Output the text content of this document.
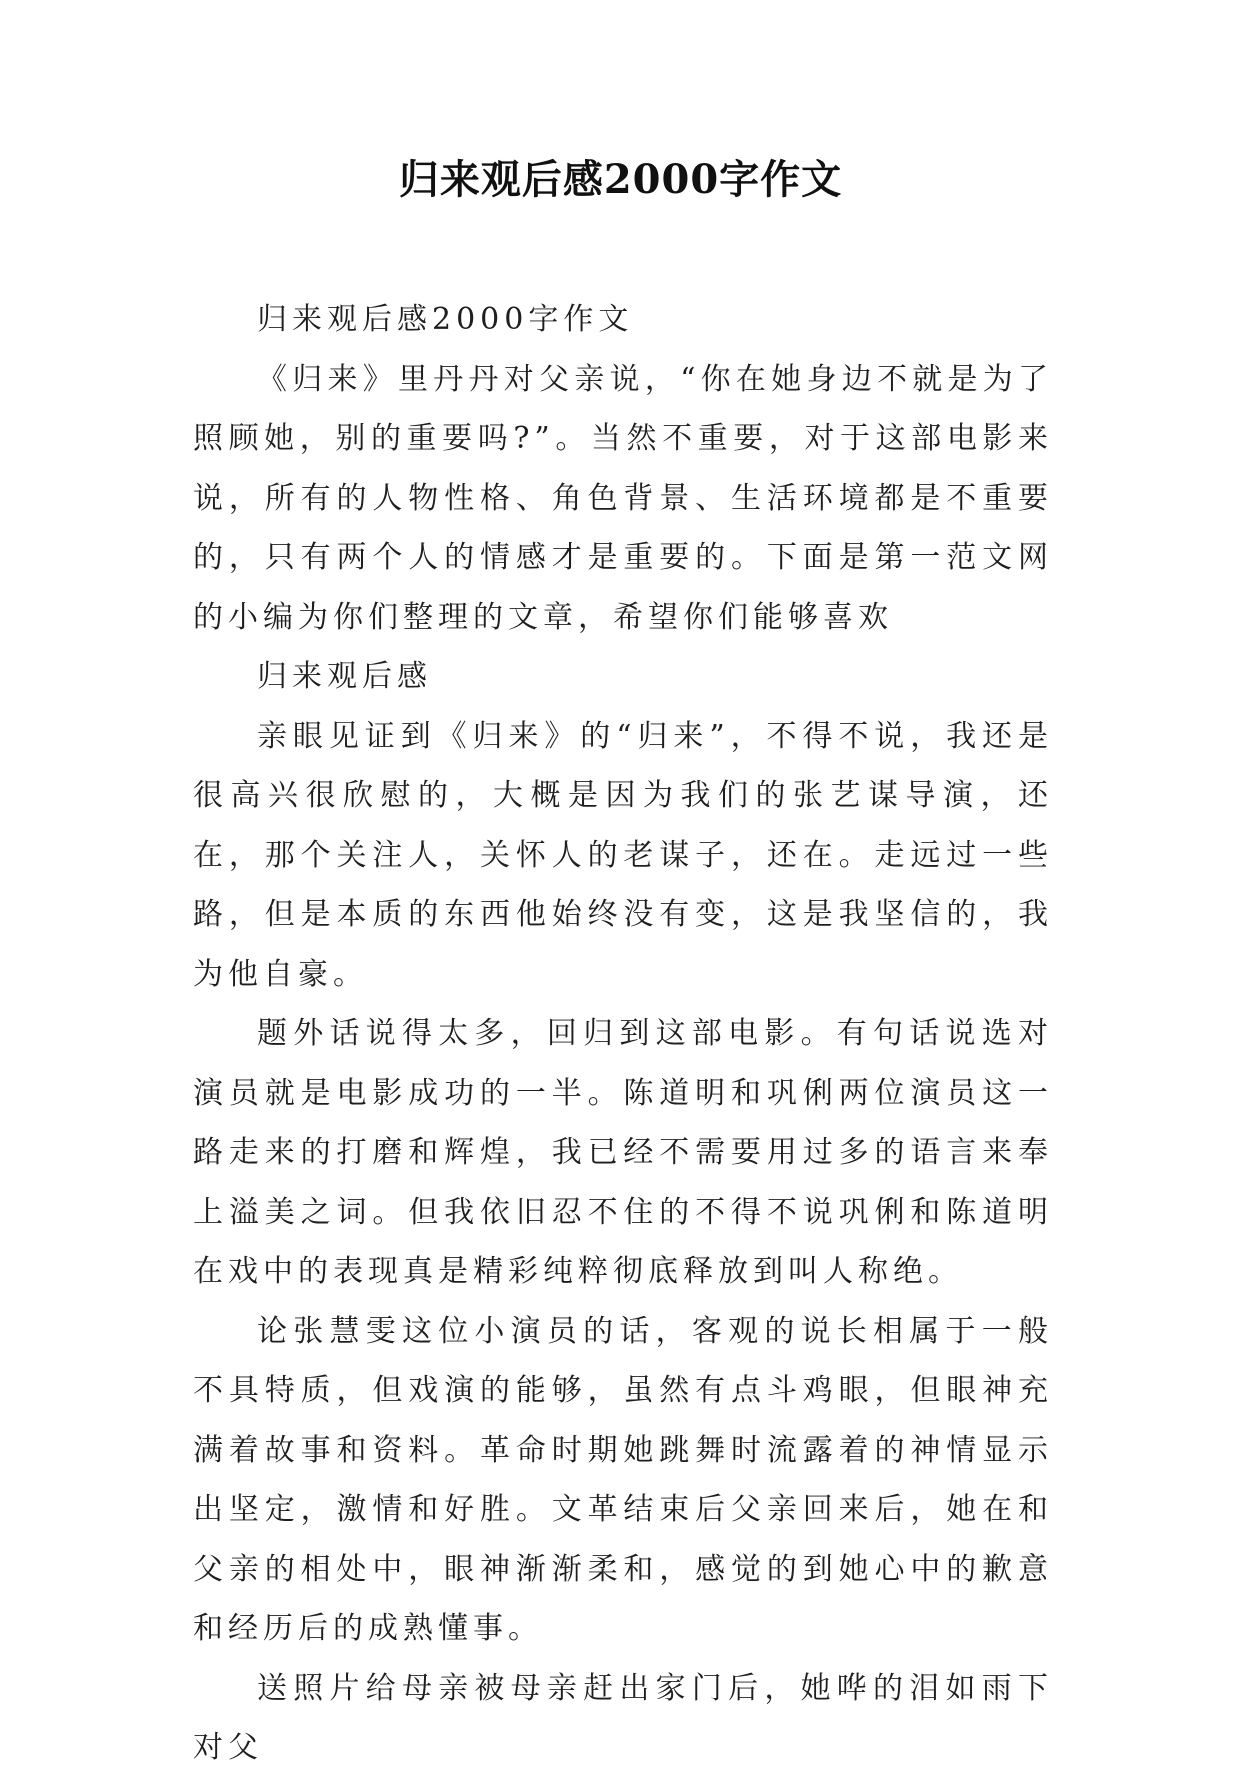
归来观后感2000字作文

归来观后感2000字作文

《归来》里丹丹对父亲说，“你在她身边不就是为了照顾她，别的重要吗?”。当然不重要，对于这部电影来说，所有的人物性格、角色背景、生活环境都是不重要的，只有两个人的情感才是重要的。下面是第一范文网的小编为你们整理的文章，希望你们能够喜欢

归来观后感

亲眼见证到《归来》的“归来”，不得不说，我还是很高兴很欣慰的，大概是因为我们的张艺谋导演，还在，那个关注人，关怀人的老谋子，还在。走远过一些路，但是本质的东西他始终没有变，这是我坚信的，我为他自豪。

题外话说得太多，回归到这部电影。有句话说选对演员就是电影成功的一半。陈道明和巩俐两位演员这一路走来的打磨和辉煌，我已经不需要用过多的语言来奉上溢美之词。但我依旧忍不住的不得不说巩俐和陈道明在戏中的表现真是精彩纯粹彻底释放到叫人称绝。

论张慧雯这位小演员的话，客观的说长相属于一般不具特质，但戏演的能够，虽然有点斗鸡眼，但眼神充满着故事和资料。革命时期她跳舞时流露着的神情显示出坚定，激情和好胜。文革结束后父亲回来后，她在和父亲的相处中，眼神渐渐柔和，感觉的到她心中的歉意和经历后的成熟懂事。

送照片给母亲被母亲赶出家门后，她哗的泪如雨下对父
